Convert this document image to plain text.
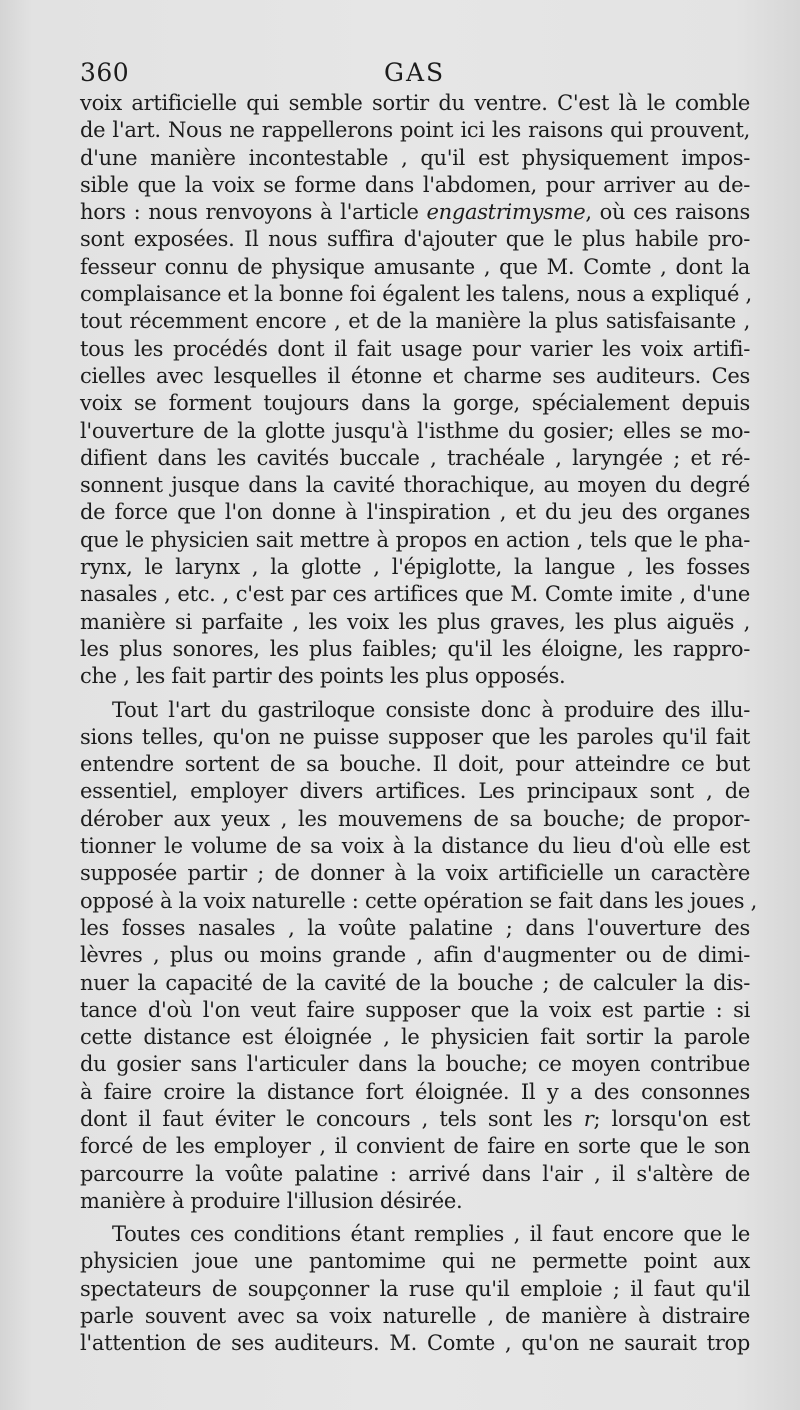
360	GAS
voix artificielle qui semble sortir du ventre. C'est là le comble
de l'art. Nous ne rappellerons point ici les raisons qui prouvent,
d'une manière incontestable , qu'il est physiquement impos-
sible que la voix se forme dans l'abdomen, pour arriver au de-
hors : nous renvoyons à l'article engastrimysme, où ces raisons
sont exposées. Il nous suffira d'ajouter que le plus habile pro-
fesseur connu de physique amusante , que M. Comte , dont la
complaisance et la bonne foi égalent les talens, nous a expliqué ,
tout récemment encore , et de la manière la plus satisfaisante ,
tous les procédés dont il fait usage pour varier les voix artifi-
cielles avec lesquelles il étonne et charme ses auditeurs. Ces
voix se forment toujours dans la gorge, spécialement depuis
l'ouverture de la glotte jusqu'à l'isthme du gosier; elles se mo-
difient dans les cavités buccale , trachéale , laryngée ; et ré-
sonnent jusque dans la cavité thorachique, au moyen du degré
de force que l'on donne à l'inspiration , et du jeu des organes
que le physicien sait mettre à propos en action , tels que le pha-
rynx, le larynx , la glotte , l'épiglotte, la langue , les fosses
nasales , etc. , c'est par ces artifices que M. Comte imite , d'une
manière si parfaite , les voix les plus graves, les plus aiguës ,
les plus sonores, les plus faibles; qu'il les éloigne, les rappro-
che , les fait partir des points les plus opposés.
Tout l'art du gastriloque consiste donc à produire des illu-
sions telles, qu'on ne puisse supposer que les paroles qu'il fait
entendre sortent de sa bouche. Il doit, pour atteindre ce but
essentiel, employer divers artifices. Les principaux sont , de
dérober aux yeux , les mouvemens de sa bouche; de propor-
tionner le volume de sa voix à la distance du lieu d'où elle est
supposée partir ; de donner à la voix artificielle un caractère
opposé à la voix naturelle : cette opération se fait dans les joues ,
les fosses nasales , la voûte palatine ; dans l'ouverture des
lèvres , plus ou moins grande , afin d'augmenter ou de dimi-
nuer la capacité de la cavité de la bouche ; de calculer la dis-
tance d'où l'on veut faire supposer que la voix est partie : si
cette distance est éloignée , le physicien fait sortir la parole
du gosier sans l'articuler dans la bouche; ce moyen contribue
à faire croire la distance fort éloignée. Il y a des consonnes
dont il faut éviter le concours , tels sont les r; lorsqu'on est
forcé de les employer , il convient de faire en sorte que le son
parcourre la voûte palatine : arrivé dans l'air , il s'altère de
manière à produire l'illusion désirée.
Toutes ces conditions étant remplies , il faut encore que le
physicien joue une pantomime qui ne permette point aux
spectateurs de soupçonner la ruse qu'il emploie ; il faut qu'il
parle souvent avec sa voix naturelle , de manière à distraire
l'attention de ses auditeurs. M. Comte , qu'on ne saurait trop
